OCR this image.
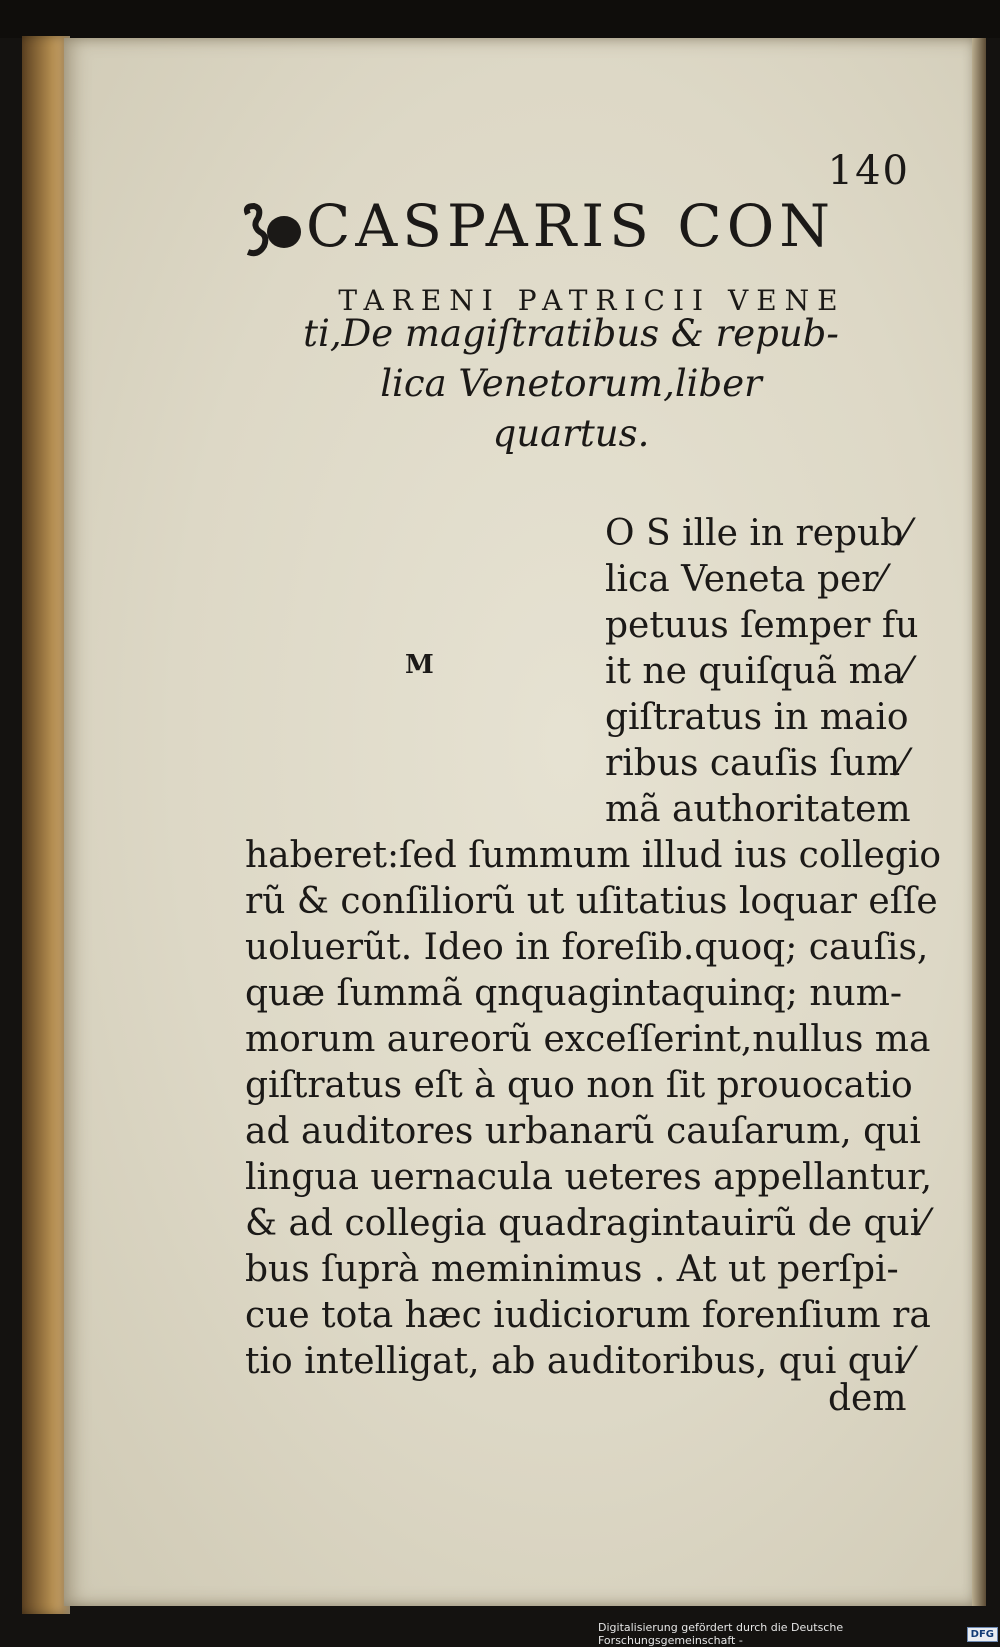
140
CASPARIS CON
TARENI PATRICII VENE
ti,De magiſtratibus & repub-
lica Venetorum,liber
quartus.
M
O S ille in repub⁄
lica Veneta per⁄
petuus ſemper fu
it ne quiſquã ma⁄
giſtratus in maio
ribus cauſis ſum⁄
mã authoritatem
haberet:ſed ſummum illud ius collegio
rũ & conſiliorũ ut uſitatius loquar eſſe
uoluerũt. Ideo in foreſib.quoq; cauſis,
quæ ſummã qnquagintaquinq; num-
morum aureorũ exceſſerint,nullus ma
giſtratus eſt à quo non ſit prouocatio
ad auditores urbanarũ cauſarum, qui
lingua uernacula ueteres appellantur,
& ad collegia quadragintauirũ de qui⁄
bus ſuprà meminimus . At ut perſpi-
cue tota hæc iudiciorum forenſium ra
tio intelligat, ab auditoribus, qui qui⁄
dem
Digitalisierung gefördert durch die Deutsche Forschungsgemeinschaft -	DFG
